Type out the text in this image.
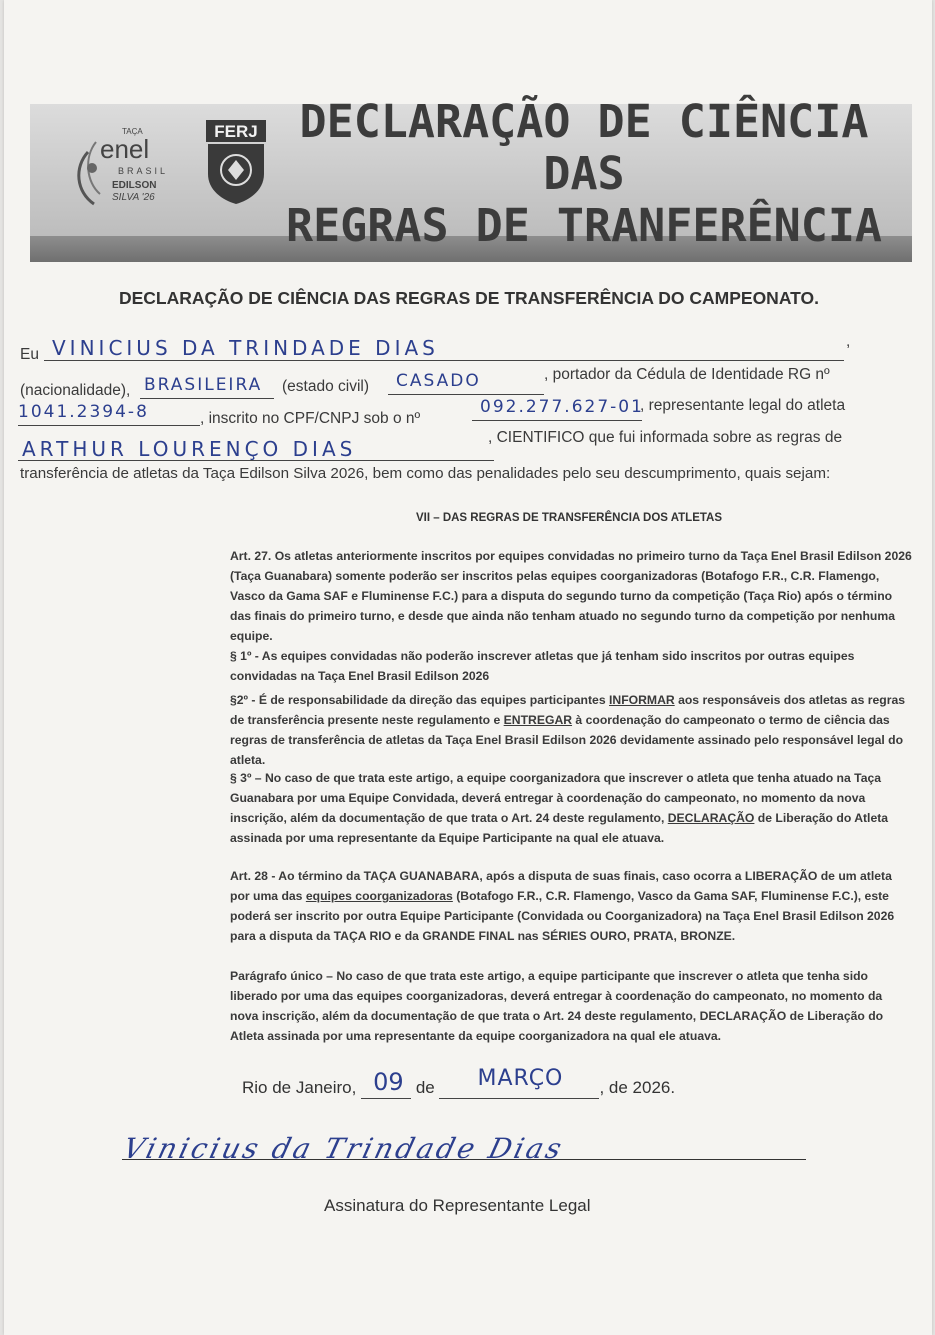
TAÇA
enel
BRASIL
EDILSON
SILVA '26
FERJ DECLARAÇÃO DE CIÊNCIA DAS
REGRAS DE TRANFERÊNCIA
DECLARAÇÃO DE CIÊNCIA DAS REGRAS DE TRANSFERÊNCIA DO CAMPEONATO.
Eu VINICIUS DA TRINDADE DIAS	,
(nacionalidade), BRASILEIRA (estado civil) CASADO	, portador da Cédula de Identidade RG nº
1041.2394-8	, inscrito no CPF/CNPJ sob o nº
092.277.627-01
, representante legal do atleta
ARTHUR LOURENÇO DIAS	, CIENTIFICO que fui informada sobre as regras de
transferência de atletas da Taça Edilson Silva 2026, bem como das penalidades pelo seu descumprimento, quais sejam:
VII – DAS REGRAS DE TRANSFERÊNCIA DOS ATLETAS
Art. 27. Os atletas anteriormente inscritos por equipes convidadas no primeiro turno da Taça Enel Brasil Edilson 2026 (Taça Guanabara) somente poderão ser inscritos pelas equipes coorganizadoras (Botafogo F.R., C.R. Flamengo, Vasco da Gama SAF e Fluminense F.C.) para a disputa do segundo turno da competição (Taça Rio) após o término das finais do primeiro turno, e desde que ainda não tenham atuado no segundo turno da competição por nenhuma equipe.
§ 1º - As equipes convidadas não poderão inscrever atletas que já tenham sido inscritos por outras equipes convidadas na Taça Enel Brasil Edilson 2026
§2º - É de responsabilidade da direção das equipes participantes INFORMAR aos responsáveis dos atletas as regras de transferência presente neste regulamento e ENTREGAR à coordenação do campeonato o termo de ciência das regras de transferência de atletas da Taça Enel Brasil Edilson 2026 devidamente assinado pelo responsável legal do atleta.
§ 3º – No caso de que trata este artigo, a equipe coorganizadora que inscrever o atleta que tenha atuado na Taça Guanabara por uma Equipe Convidada, deverá entregar à coordenação do campeonato, no momento da nova inscrição, além da documentação de que trata o Art. 24 deste regulamento, DECLARAÇÃO de Liberação do Atleta assinada por uma representante da Equipe Participante na qual ele atuava.
Art. 28 - Ao término da TAÇA GUANABARA, após a disputa de suas finais, caso ocorra a LIBERAÇÃO de um atleta por uma das equipes coorganizadoras (Botafogo F.R., C.R. Flamengo, Vasco da Gama SAF, Fluminense F.C.), este poderá ser inscrito por outra Equipe Participante (Convidada ou Coorganizadora) na Taça Enel Brasil Edilson 2026 para a disputa da TAÇA RIO e da GRANDE FINAL nas SÉRIES OURO, PRATA, BRONZE.
Parágrafo único – No caso de que trata este artigo, a equipe participante que inscrever o atleta que tenha sido liberado por uma das equipes coorganizadoras, deverá entregar à coordenação do campeonato, no momento da nova inscrição, além da documentação de que trata o Art. 24 deste regulamento, DECLARAÇÃO de Liberação do Atleta assinada por uma representante da equipe coorganizadora na qual ele atuava.
Rio de Janeiro, 09 de MARÇO , de 2026.
Vinicius da Trindade Dias
Assinatura do Representante Legal
